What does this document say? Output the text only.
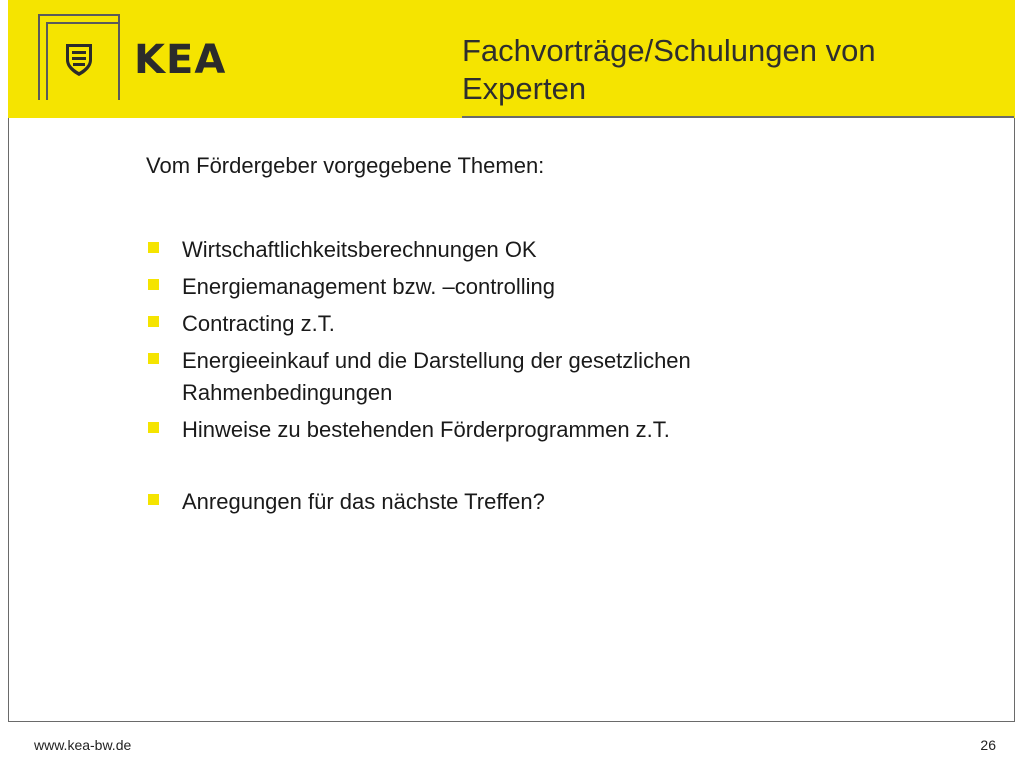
KEA	Fachvorträge/Schulungen von Experten
Vom Fördergeber vorgegebene Themen:
Wirtschaftlichkeitsberechnungen OK
Energiemanagement bzw. –controlling
Contracting z.T.
Energieeinkauf und die Darstellung der gesetzlichen Rahmenbedingungen
Hinweise zu bestehenden Förderprogrammen z.T.
Anregungen für das nächste Treffen?
www.kea-bw.de	26
